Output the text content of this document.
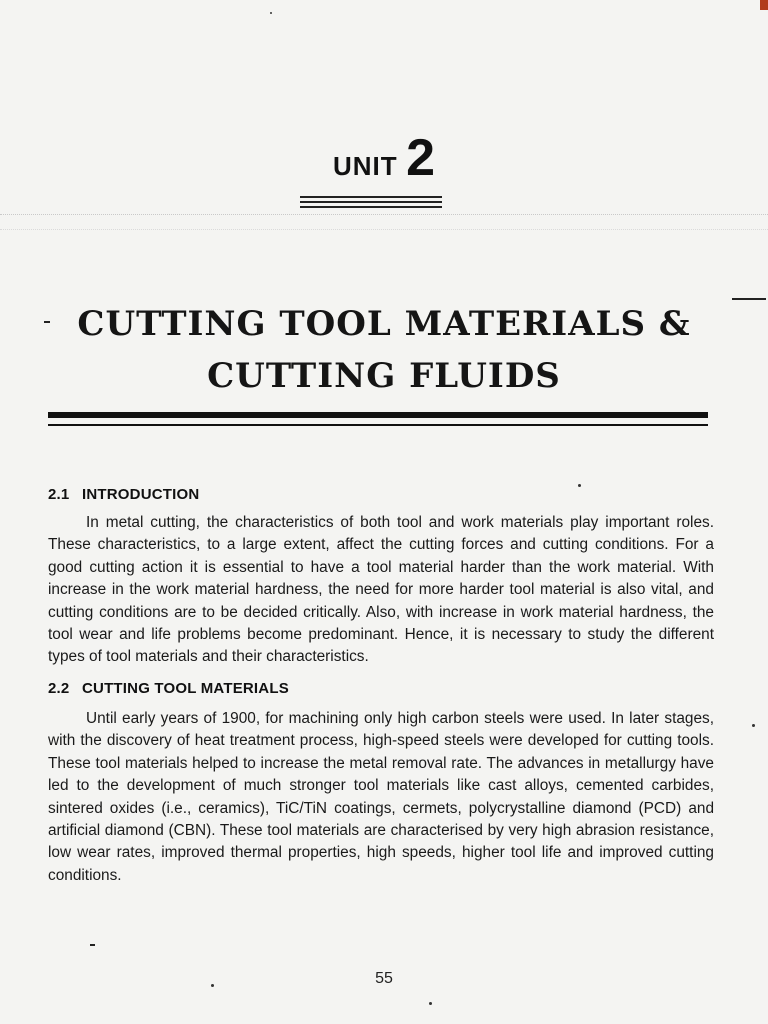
UNIT 2
CUTTING TOOL MATERIALS &
CUTTING FLUIDS
2.1 INTRODUCTION

In metal cutting, the characteristics of both tool and work materials play important roles. These characteristics, to a large extent, affect the cutting forces and cutting conditions. For a good cutting action it is essential to have a tool material harder than the work material. With increase in the work material hardness, the need for more harder tool material is also vital, and cutting conditions are to be decided critically. Also, with increase in work material hardness, the tool wear and life problems become predominant. Hence, it is necessary to study the different types of tool materials and their characteristics.

2.2 CUTTING TOOL MATERIALS

Until early years of 1900, for machining only high carbon steels were used. In later stages, with the discovery of heat treatment process, high-speed steels were developed for cutting tools. These tool materials helped to increase the metal removal rate. The advances in metallurgy have led to the development of much stronger tool materials like cast alloys, cemented carbides, sintered oxides (i.e., ceramics), TiC/TiN coatings, cermets, polycrystalline diamond (PCD) and artificial diamond (CBN). These tool materials are characterised by very high abrasion resistance, low wear rates, improved thermal properties, high speeds, higher tool life and improved cutting conditions.

55
